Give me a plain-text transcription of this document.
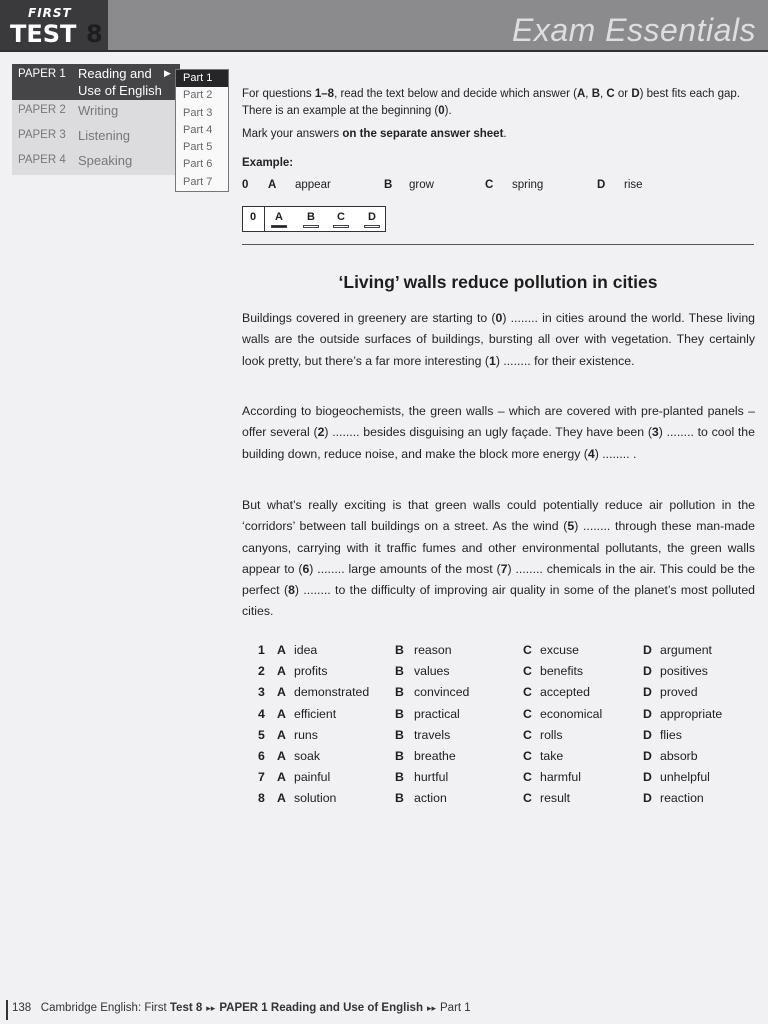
FIRST
TEST 8	Exam Essentials
PAPER 1 Reading and Use of English
▶
PAPER 2 Writing
PAPER 3 Listening
PAPER 4 Speaking
Part 1
Part 2
Part 3
Part 4
Part 5
Part 6
Part 7
For questions 1–8, read the text below and decide which answer (A, B, C or D) best fits each gap. There is an example at the beginning (0).
Mark your answers on the separate answer sheet.
Example:
0 A appear	B grow	C spring	D rise
0 A B C D
‘Living’ walls reduce pollution in cities
Buildings covered in greenery are starting to (0) ........ in cities around the world. These living walls are the outside surfaces of buildings, bursting all over with vegetation. They certainly look pretty, but there’s a far more interesting (1) ........ for their existence.
According to biogeochemists, the green walls – which are covered with pre-planted panels – offer several (2) ........ besides disguising an ugly façade. They have been (3) ........ to cool the building down, reduce noise, and make the block more energy (4) ........ .
But what’s really exciting is that green walls could potentially reduce air pollution in the ‘corridors’ between tall buildings on a street. As the wind (5) ........ through these man-made canyons, carrying with it traffic fumes and other environmental pollutants, the green walls appear to (6) ........ large amounts of the most (7) ........ chemicals in the air. This could be the perfect (8) ........ to the difficulty of improving air quality in some of the planet’s most polluted cities.
1 A idea	B reason	C excuse	D argument
2 A profits	B values	C benefits	D positives
3 A demonstrated B convinced	C accepted	D proved
4 A efficient	B practical	C economical	D appropriate
5 A runs	B travels	C rolls	D flies
6 A soak	B breathe	C take	D absorb
7 A painful	B hurtful	C harmful	D unhelpful
8 A solution	B action	C result	D reaction
138 Cambridge English: First Test 8 ▸▸ PAPER 1 Reading and Use of English ▸▸ Part 1
